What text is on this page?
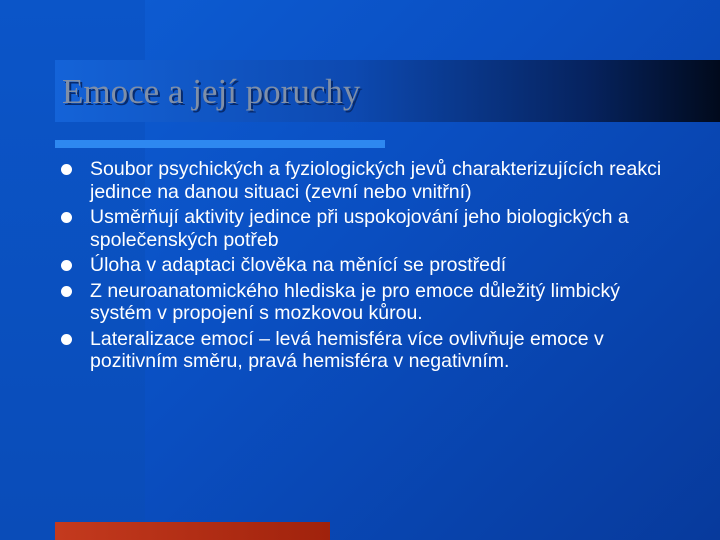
Emoce a její poruchy
Soubor psychických a fyziologických jevů charakterizujících reakci jedince na danou situaci (zevní nebo vnitřní)
Usměrňují aktivity jedince při uspokojování jeho biologických a společenských potřeb
Úloha v adaptaci člověka na měnící se prostředí
Z neuroanatomického hlediska je pro emoce důležitý limbický systém v propojení s mozkovou kůrou.
Lateralizace emocí – levá hemisféra více ovlivňuje emoce v pozitivním směru, pravá hemisféra v negativním.
